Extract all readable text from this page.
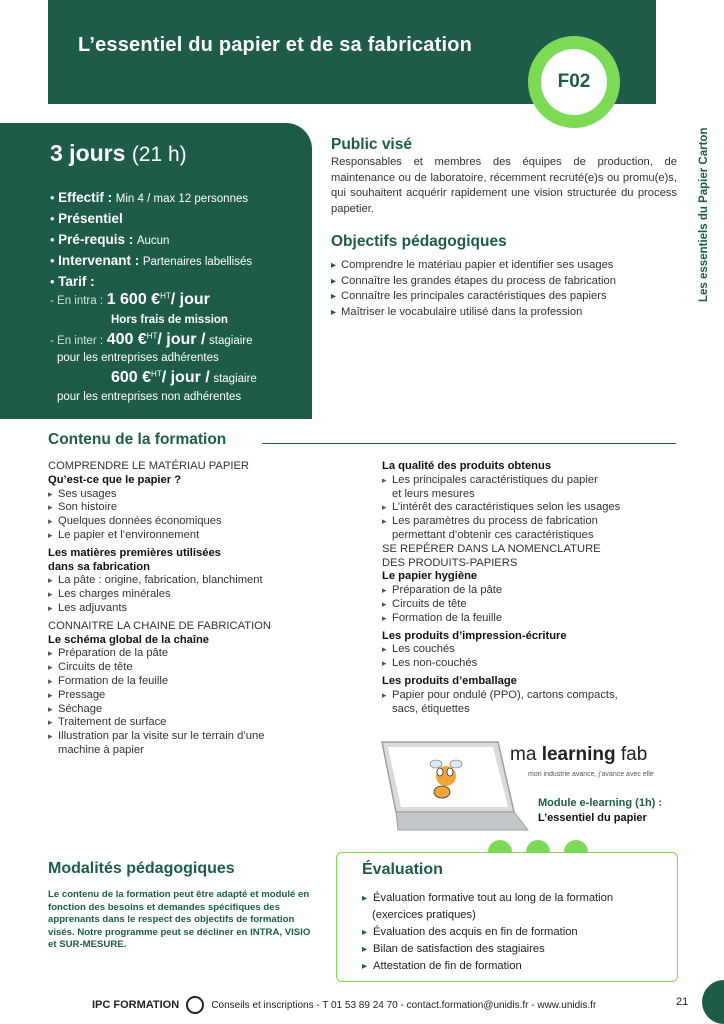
L’essentiel du papier et de sa fabrication
F02
Les essentiels du Papier Carton
3 jours (21 h)
• Effectif : Min 4 / max 12 personnes
• Présentiel
• Pré-requis : Aucun
• Intervenant : Partenaires labellisés
• Tarif :
- En intra : 1 600 €$^{HT}$/ jour
Hors frais de mission
- En inter : 400 €$^{HT}$/ jour / stagiaire
pour les entreprises adhérentes
600 €$^{HT}$/ jour / stagiaire
pour les entreprises non adhérentes
Public visé
Responsables et membres des équipes de production, de maintenance ou de laboratoire, récemment recruté(e)s ou promu(e)s, qui souhaitent acquérir rapidement une vision structurée du process papetier.
Objectifs pédagogiques
▸ Comprendre le matériau papier et identifier ses usages
▸ Connaître les grandes étapes du process de fabrication
▸ Connaître les principales caractéristiques des papiers
▸ Maîtriser le vocabulaire utilisé dans la profession
Contenu de la formation
COMPRENDRE LE MATÉRIAU PAPIER
Qu’est-ce que le papier ?
▸ Ses usages
▸ Son histoire
▸ Quelques données économiques
▸ Le papier et l’environnement
Les matières premières utilisées
dans sa fabrication
▸ La pâte : origine, fabrication, blanchiment
▸ Les charges minérales
▸ Les adjuvants
CONNAITRE LA CHAINE DE FABRICATION
Le schéma global de la chaîne
▸ Préparation de la pâte
▸ Circuits de tête
▸ Formation de la feuille
▸ Pressage
▸ Séchage
▸ Traitement de surface
▸ Illustration par la visite sur le terrain d’une
machine à papier
La qualité des produits obtenus
▸ Les principales caractéristiques du papier
et leurs mesures
▸ L’intérêt des caractéristiques selon les usages
▸ Les paramètres du process de fabrication
permettant d’obtenir ces caractéristiques
SE REPÉRER DANS LA NOMENCLATURE
DES PRODUITS-PAPIERS
Le papier hygiène
▸ Préparation de la pâte
▸ Circuits de tête
▸ Formation de la feuille
Les produits d’impression-écriture
▸ Les couchés
▸ Les non-couchés
Les produits d’emballage
▸ Papier pour ondulé (PPO), cartons compacts,
sacs, étiquettes
ma learning fab
mon industrie avance, j’avance avec elle
Module e-learning (1h) :
L’essentiel du papier
Modalités pédagogiques
Le contenu de la formation peut être adapté et modulé en fonction des besoins et demandes spécifiques des apprenants dans le respect des objectifs de formation visés. Notre programme peut se décliner en INTRA, VISIO et SUR-MESURE.
Évaluation
▸ Évaluation formative tout au long de la formation
(exercices pratiques)
▸ Évaluation des acquis en fin de formation
▸ Bilan de satisfaction des stagiaires
▸ Attestation de fin de formation
IPC FORMATION	Conseils et inscriptions - T 01 53 89 24 70 - contact.formation@unidis.fr - www.unidis.fr	21
